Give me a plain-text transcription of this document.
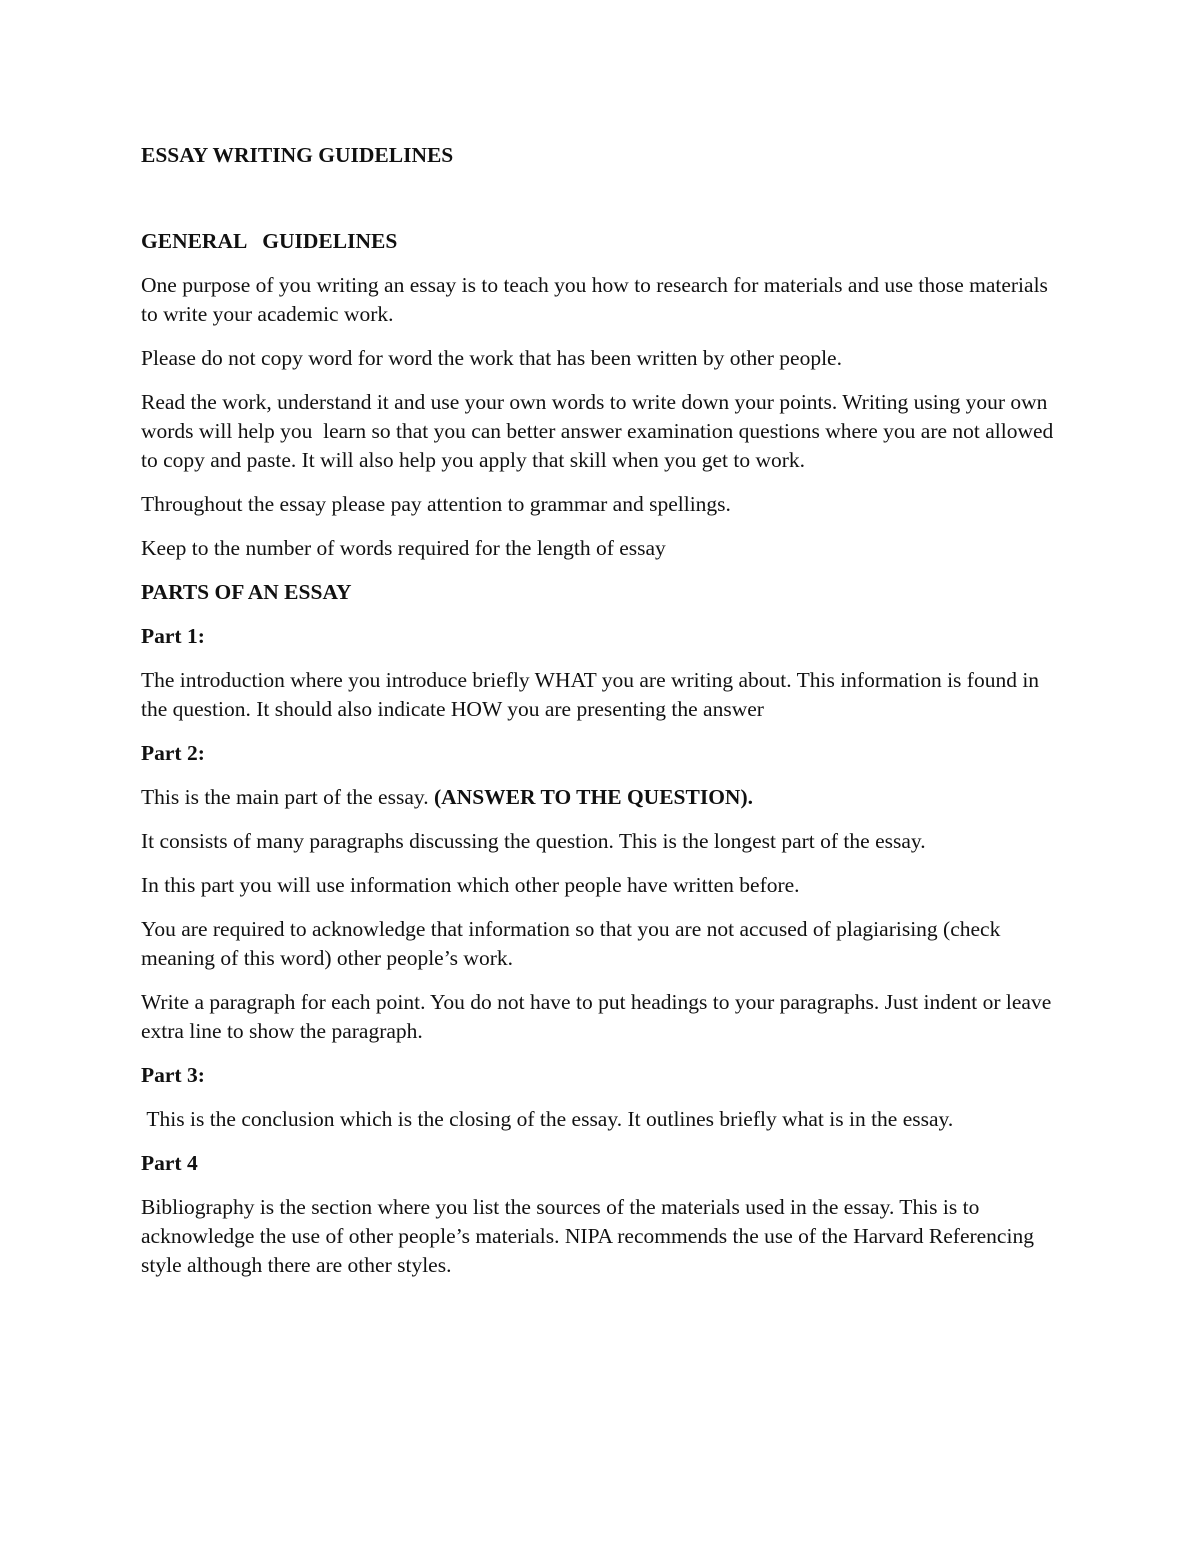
ESSAY WRITING GUIDELINES
GENERAL   GUIDELINES

One purpose of you writing an essay is to teach you how to research for materials and use those materials to write your academic work.

Please do not copy word for word the work that has been written by other people.

Read the work, understand it and use your own words to write down your points. Writing using your own words will help you  learn so that you can better answer examination questions where you are not allowed to copy and paste. It will also help you apply that skill when you get to work.

Throughout the essay please pay attention to grammar and spellings.

Keep to the number of words required for the length of essay

PARTS OF AN ESSAY
Part 1:

The introduction where you introduce briefly WHAT you are writing about. This information is found in the question. It should also indicate HOW you are presenting the answer

Part 2:

This is the main part of the essay. (ANSWER TO THE QUESTION).

It consists of many paragraphs discussing the question. This is the longest part of the essay.

In this part you will use information which other people have written before.

You are required to acknowledge that information so that you are not accused of plagiarising (check meaning of this word) other people’s work.

Write a paragraph for each point. You do not have to put headings to your paragraphs. Just indent or leave extra line to show the paragraph.

Part 3:

This is the conclusion which is the closing of the essay. It outlines briefly what is in the essay.

Part 4

Bibliography is the section where you list the sources of the materials used in the essay. This is to acknowledge the use of other people’s materials. NIPA recommends the use of the Harvard Referencing style although there are other styles.
